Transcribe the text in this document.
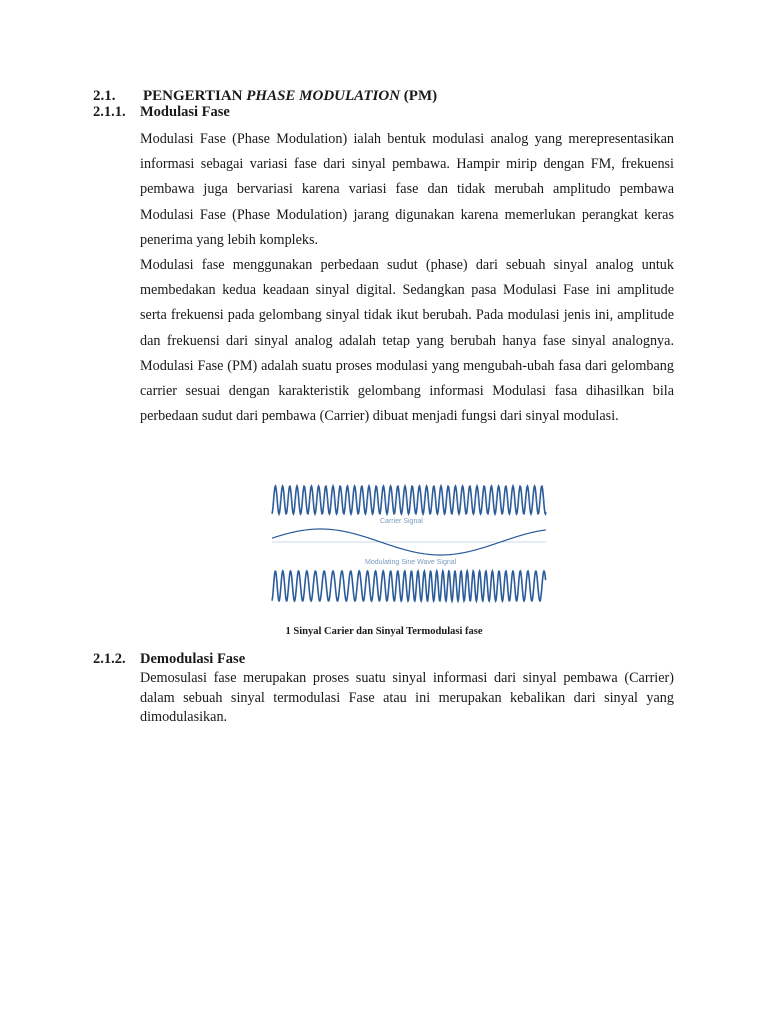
2.1. PENGERTIAN PHASE MODULATION (PM)
2.1.1. Modulasi Fase

Modulasi Fase (Phase Modulation) ialah bentuk modulasi analog yang merepresentasikan informasi sebagai variasi fase dari sinyal pembawa. Hampir mirip dengan FM, frekuensi pembawa juga bervariasi karena variasi fase dan tidak merubah amplitudo pembawa Modulasi Fase (Phase Modulation) jarang digunakan karena memerlukan perangkat keras penerima yang lebih kompleks.

Modulasi fase menggunakan perbedaan sudut (phase) dari sebuah sinyal analog untuk membedakan kedua keadaan sinyal digital. Sedangkan pasa Modulasi Fase ini amplitude serta frekuensi pada gelombang sinyal tidak ikut berubah. Pada modulasi jenis ini, amplitude dan frekuensi dari sinyal analog adalah tetap yang berubah hanya fase sinyal analognya. Modulasi Fase (PM) adalah suatu proses modulasi yang mengubah-ubah fasa dari gelombang carrier sesuai dengan karakteristik gelombang informasi Modulasi fasa dihasilkan bila perbedaan sudut dari pembawa (Carrier) dibuat menjadi fungsi dari sinyal modulasi.

Carrier Signal
Modulating Sine Wave Signal
1 Sinyal Carier dan Sinyal Termodulasi fase
2.1.2. Demodulasi Fase

Demosulasi fase merupakan proses suatu sinyal informasi dari sinyal pembawa (Carrier) dalam sebuah sinyal termodulasi Fase atau ini merupakan kebalikan dari sinyal yang dimodulasikan.
